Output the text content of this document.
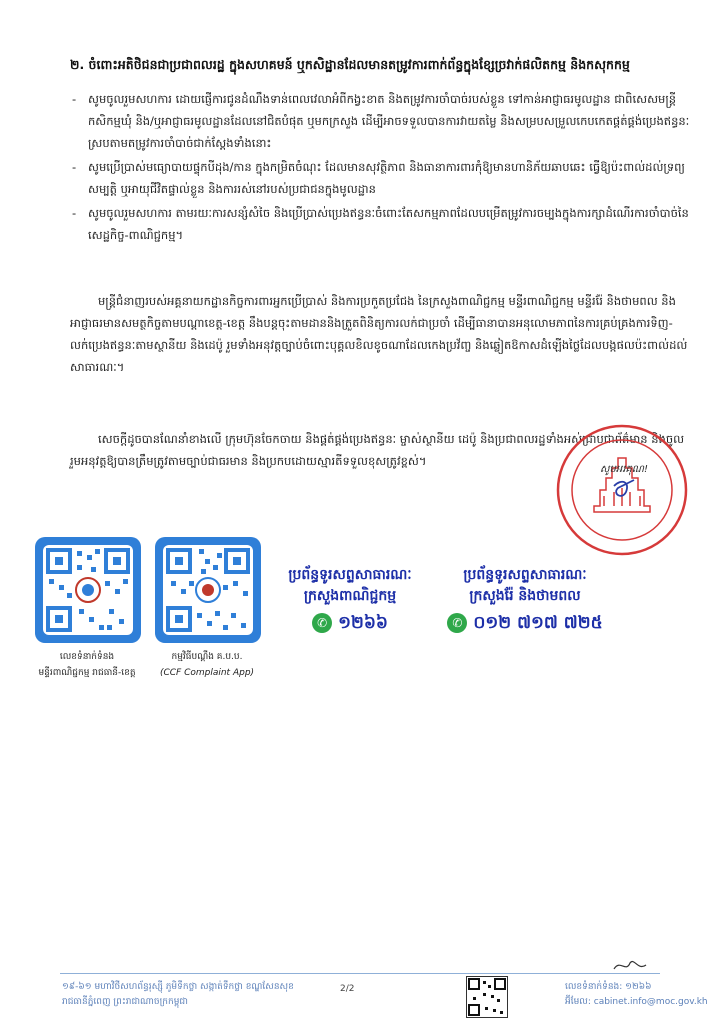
២. ចំពោះអតិថិជនជាប្រជាពលរដ្ឋ ក្នុងសហគមន៍ ឬកសិដ្ឋានដែលមានតម្រូវការពាក់ព័ន្ធក្នុងខ្សែច្រវាក់ផលិតកម្ម និងកសុកកម្ម
- សូមចូលរួមសហការ ដោយផ្ញើការជូនដំណឹងទាន់ពេលវេលាអំពីកង្វះខាត និងតម្រូវការចាំបាច់របស់ខ្លួន ទៅកាន់អាជ្ញាធរមូលដ្ឋាន ជាពិសេសមន្ត្រីកសិកម្មឃុំ និង/ឬអាជ្ញាធរមូលដ្ឋានដែលនៅជិតបំផុត ឬមកក្រសួង ដើម្បីអាចទទួលបានការវាយតម្លៃ និងសម្របសម្រួលកេបកេតផ្គត់ផ្គង់ប្រេងឥន្ធនៈស្របតាមតម្រូវការចាំបាច់ជាក់ស្តែងទាំងនោះ
- សូមប្រើប្រាស់មធ្យោបាយផ្ទុកបីដុង/កាន ក្នុងកម្រិតចំណុះ ដែលមានសុវត្ថិភាព និងធានាការពារកុំឱ្យមានហានិភ័យឆាបឆេះ ធ្វើឱ្យប៉ះពាល់ដល់ទ្រព្យសម្បត្តិ ឬអាយុជីវិតផ្ទាល់ខ្លួន និងការរស់នៅរបស់ប្រជាជនក្នុងមូលដ្ឋាន
- សូមចូលរួមសហការ តាមរយៈការសន្សំសំចៃ និងប្រើប្រាស់ប្រេងឥន្ធនៈចំពោះតែសកម្មភាពដែលបម្រើតម្រូវការចម្បងក្នុងការក្សាដំណើរការចាំបាច់នៃសេដ្ឋកិច្ច-ពាណិជ្ជកម្ម។

មន្ត្រីជំនាញរបស់អគ្គនាយកដ្ឋានកិច្ចការពារអ្នកប្រើប្រាស់ និងការប្រកួតប្រជែង នៃក្រសួងពាណិជ្ជកម្ម មន្ទីរពាណិជ្ជកម្ម មន្ទីររ៉ែ និងថាមពល និងអាជ្ញាធរមានសមត្ថកិច្ចតាមបណ្តាខេត្ត-ខេត្ត នឹងបន្តចុះតាមដាននិងត្រួតពិនិត្យការលក់ជាប្រចាំ ដើម្បីធានាបានអនុលោមភាពនៃការគ្រប់គ្រងការទិញ-លក់ប្រេងឥន្ធនៈតាមស្ថានីយ និងដេប៉ូ រួមទាំងអនុវត្តច្បាប់ចំពោះបុគ្គលខិលខូចណាដែលកេងប្រវ័ញ្ច និងឆ្លៀតឱកាសដំឡើងថ្លៃដែលបង្កផលប៉ះពាល់ដល់សាធារណៈ។

សេចក្តីដូចបានណែនាំខាងលើ ក្រុមហ៊ុនចែកចាយ និងផ្គត់ផ្គង់ប្រេងឥន្ធនៈ ម្ចាស់ស្ថានីយ ដេប៉ូ និងប្រជាពលរដ្ឋទាំងអស់ជ្រាបជាព័ត៌មាន និងចូលរួមអនុវត្តឱ្យបានត្រឹមត្រូវតាមច្បាប់ជាធរមាន និងប្រកបដោយស្មារតីទទួលខុសត្រូវខ្ពស់។

សូមអរគុណ!
លេខទំនាក់ទំនង
មន្ទីរពាណិជ្ជកម្ម រាជធានី-ខេត្ត
កម្មវិធីបណ្តឹង គ.ប.ប.
(CCF Complaint App)
ប្រព័ន្ធទូរសព្ទសាធារណៈ
ក្រសួងពាណិជ្ជកម្ម
✆ ១២៦៦
ប្រព័ន្ធទូរសព្ទសាធារណៈ
ក្រសួងរ៉ែ និងថាមពល
✆ ០១២ ៧១៧ ៧២៥
១៩-៦១ មហាវិថីសហព័ន្ធរុស្ស៊ី ភូមិទឹកថ្លា សង្កាត់ទឹកថ្លា ខណ្ឌសែនសុខ
រាជធានីភ្នំពេញ ព្រះរាជាណាចក្រកម្ពុជា
2/2	លេខទំនាក់ទំនង: ១២៦៦
អ៊ីមែល: cabinet.info@moc.gov.kh
